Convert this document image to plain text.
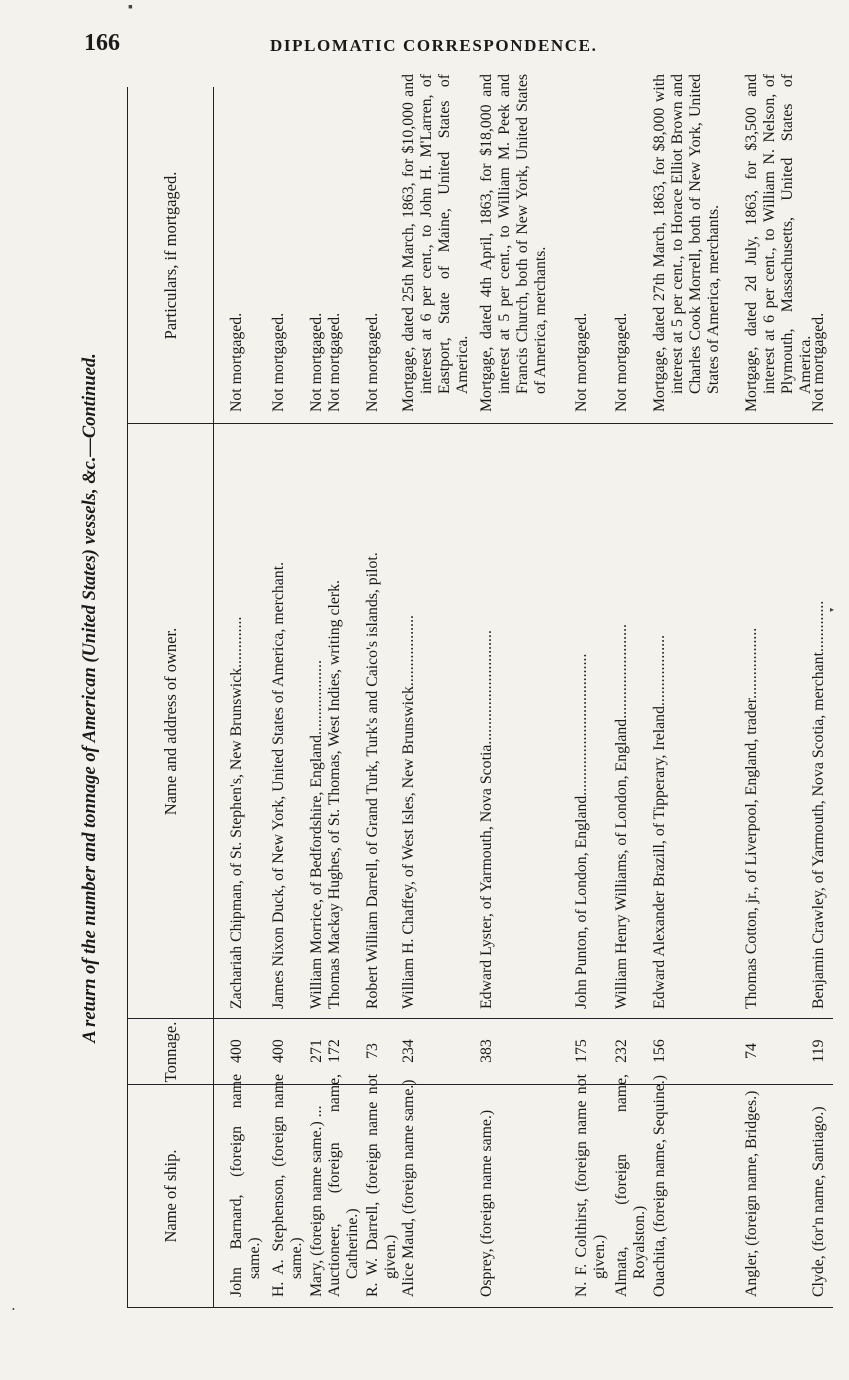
166	DIPLOMATIC CORRESPONDENCE.
▪
•
▸
A return of the number and tonnage of American (United States) vessels, &c.—Continued.
Name of ship.
Tonnage.
Name and address of owner.
Particulars, if mortgaged.
John Barnard, (foreign name same.)
400
Zachariah Chipman, of St. Stephen's, New Brunswick.............
Not mortgaged.
H. A. Stephenson, (foreign name same.)
400
James Nixon Duck, of New York, United States of America, merchant.
Not mortgaged.
Mary, (foreign name same.) ...
271
William Morrice, of Bedfordshire, England...................
Not mortgaged.
Auctioneer, (foreign name, Catherine.)
172
Thomas Mackay Hughes, of St. Thomas, West Indies, writing clerk.
Not mortgaged.
R. W. Darrell, (foreign name not given.)
73
Robert William Darrell, of Grand Turk, Turk's and Caico's islands, pilot.
Not mortgaged.
Alice Maud, (foreign name same.)
234
William H. Chaffey, of West Isles, New Brunswick..................
Mortgage, dated 25th March, 1863, for $10,000 and interest at 6 per cent., to John H. M'Larren, of Eastport, State of Maine, United States of America.
Osprey, (foreign name same.)
383
Edward Lyster, of Yarmouth, Nova Scotia.............................
Mortgage, dated 4th April, 1863, for $18,000 and interest at 5 per cent., to William M. Peek and Francis Church, both of New York, United States of America, merchants.
N. F. Colthirst, (foreign name not given.)
175
John Punton, of London, England....................................
Not mortgaged.
Almata, (foreign name, Royalston.)
232
William Henry Williams, of London, England........................
Not mortgaged.
Ouachita, (foreign name, Sequine.)
156
Edward Alexander Brazill, of Tipperary, Ireland..................
Mortgage, dated 27th March, 1863, for $8,000 with interest at 5 per cent., to Horace Elliot Brown and Charles Cook Morrell, both of New York, United States of America, merchants.
Angler, (foreign name, Bridges.)
74
Thomas Cotton, jr., of Liverpool, England, trader..................
Mortgage, dated 2d July, 1863, for $3,500 and interest at 6 per cent., to William N. Nelson, of Plymouth, Massachusetts, United States of America.
Clyde, (for'n name, Santiago.)
119
Benjamin Crawley, of Yarmouth, Nova Scotia, merchant.............
Not mortgaged.
